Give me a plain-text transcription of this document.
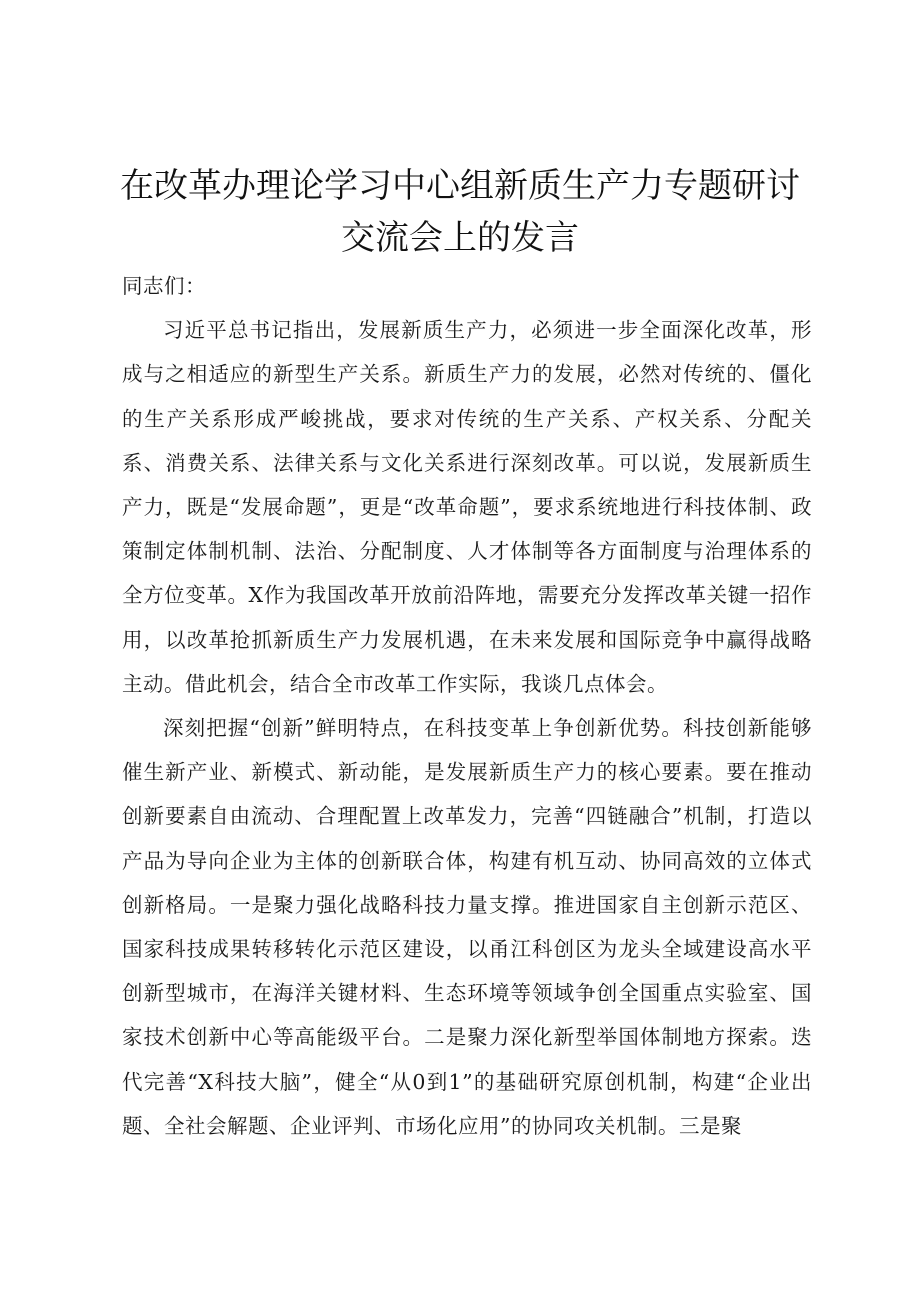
在改革办理论学习中心组新质生产力专题研讨
交流会上的发言

同志们：

习近平总书记指出，发展新质生产力，必须进一步全面深化改革，形成与之相适应的新型生产关系。新质生产力的发展，必然对传统的、僵化的生产关系形成严峻挑战，要求对传统的生产关系、产权关系、分配关系、消费关系、法律关系与文化关系进行深刻改革。可以说，发展新质生产力，既是“发展命题”，更是“改革命题”，要求系统地进行科技体制、政策制定体制机制、法治、分配制度、人才体制等各方面制度与治理体系的全方位变革。X作为我国改革开放前沿阵地，需要充分发挥改革关键一招作用，以改革抢抓新质生产力发展机遇，在未来发展和国际竞争中赢得战略主动。借此机会，结合全市改革工作实际，我谈几点体会。

深刻把握“创新”鲜明特点，在科技变革上争创新优势。科技创新能够催生新产业、新模式、新动能，是发展新质生产力的核心要素。要在推动创新要素自由流动、合理配置上改革发力，完善“四链融合”机制，打造以产品为导向企业为主体的创新联合体，构建有机互动、协同高效的立体式创新格局。一是聚力强化战略科技力量支撑。推进国家自主创新示范区、国家科技成果转移转化示范区建设，以甬江科创区为龙头全域建设高水平创新型城市，在海洋关键材料、生态环境等领域争创全国重点实验室、国家技术创新中心等高能级平台。二是聚力深化新型举国体制地方探索。迭代完善“X科技大脑”，健全“从0到1”的基础研究原创机制，构建“企业出题、全社会解题、企业评判、市场化应用”的协同攻关机制。三是聚
